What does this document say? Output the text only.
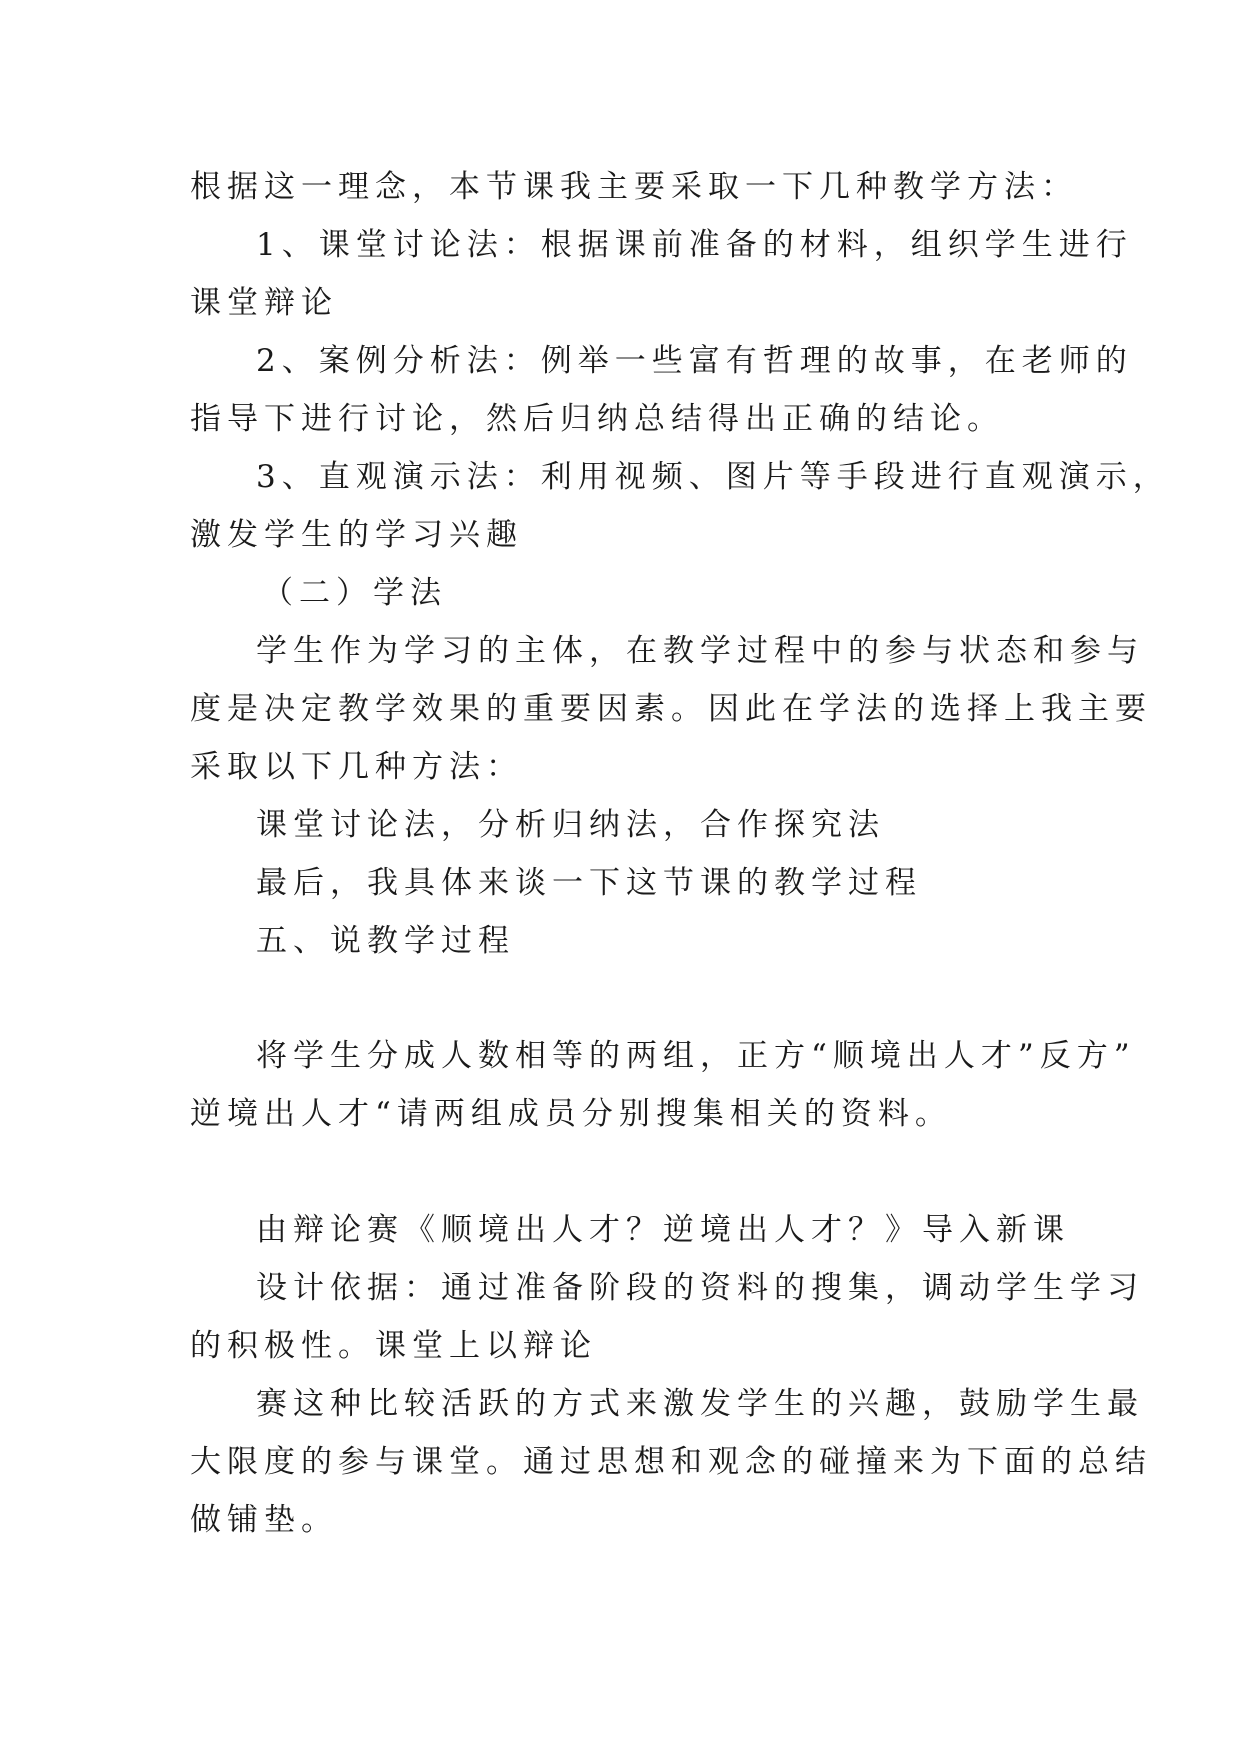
根据这一理念，本节课我主要采取一下几种教学方法：
1、课堂讨论法：根据课前准备的材料，组织学生进行
课堂辩论
2、案例分析法：例举一些富有哲理的故事，在老师的
指导下进行讨论，然后归纳总结得出正确的结论。
3、直观演示法：利用视频、图片等手段进行直观演示，
激发学生的学习兴趣
（二）学法
学生作为学习的主体，在教学过程中的参与状态和参与
度是决定教学效果的重要因素。因此在学法的选择上我主要
采取以下几种方法：
课堂讨论法，分析归纳法，合作探究法
最后，我具体来谈一下这节课的教学过程
五、说教学过程
将学生分成人数相等的两组，正方“顺境出人才”反方”
逆境出人才“请两组成员分别搜集相关的资料。
由辩论赛《顺境出人才？逆境出人才？》导入新课
设计依据：通过准备阶段的资料的搜集，调动学生学习
的积极性。课堂上以辩论
赛这种比较活跃的方式来激发学生的兴趣，鼓励学生最
大限度的参与课堂。通过思想和观念的碰撞来为下面的总结
做铺垫。
